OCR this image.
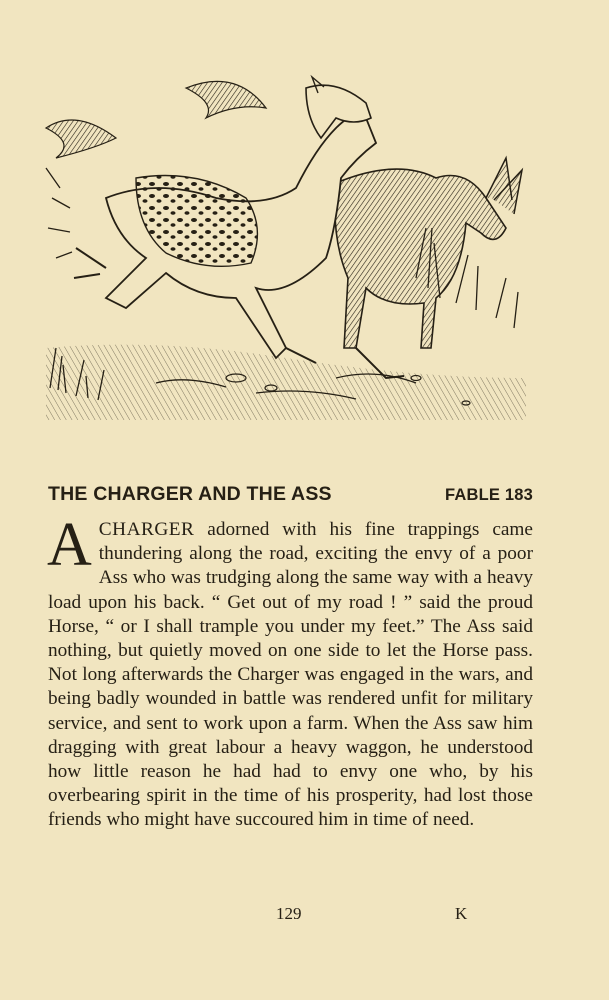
THE CHARGER AND THE ASS	FABLE 183

ACHARGER adorned with his fine trappings came thundering along the road, exciting the envy of a poor Ass who was trudging along the same way with a heavy load upon his back. “ Get out of my road ! ” said the proud Horse, “ or I shall trample you under my feet.” The Ass said nothing, but quietly moved on one side to let the Horse pass. Not long afterwards the Charger was engaged in the wars, and being badly wounded in battle was rendered unfit for military service, and sent to work upon a farm. When the Ass saw him dragging with great labour a heavy waggon, he understood how little reason he had had to envy one who, by his overbearing spirit in the time of his prosperity, had lost those friends who might have succoured him in time of need.

129	K
